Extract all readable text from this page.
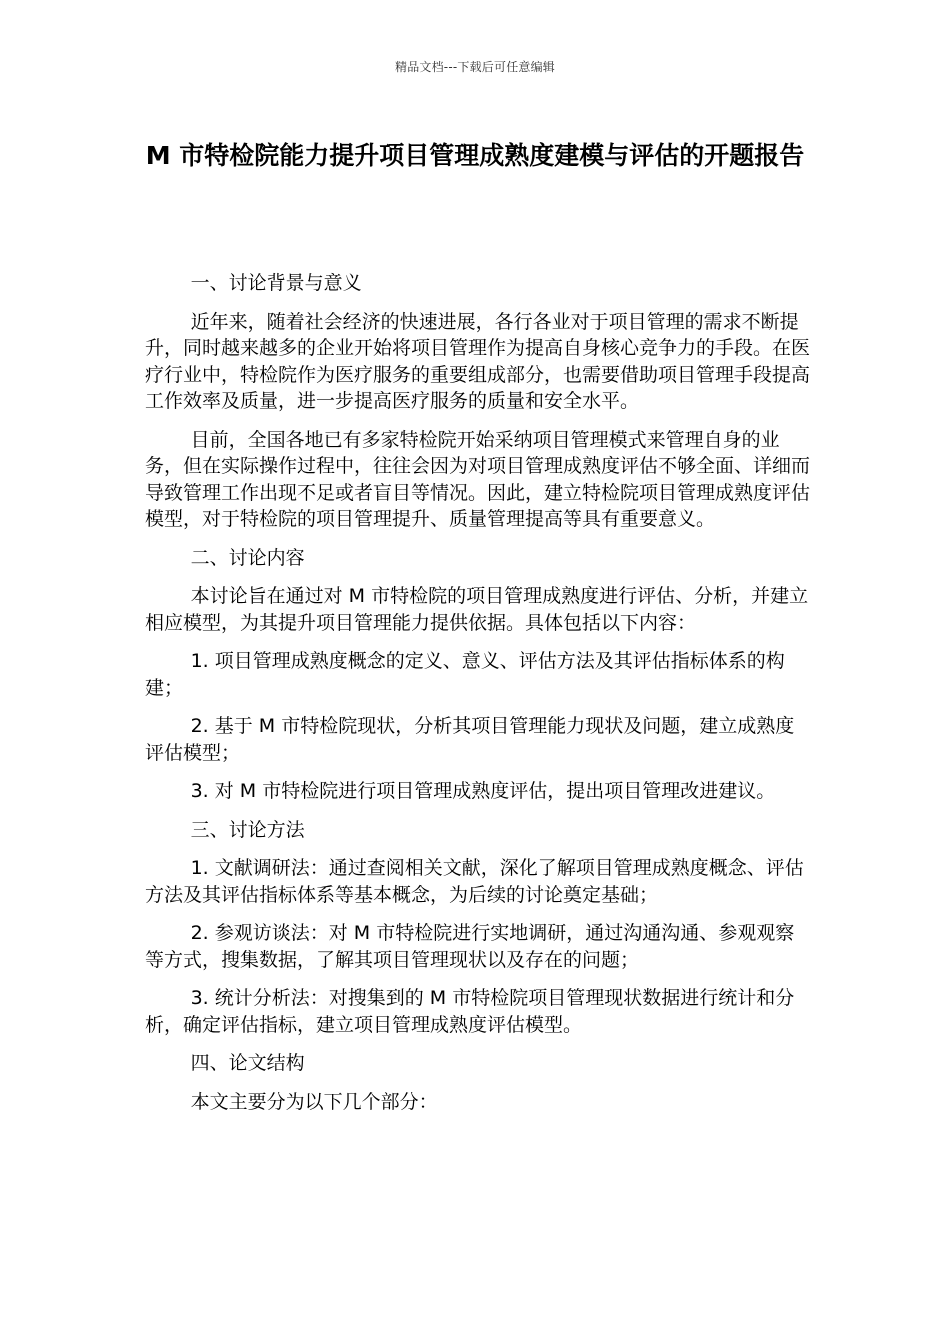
精品文档---下载后可任意编辑
M 市特检院能力提升项目管理成熟度建模与评估的开题报告

一、讨论背景与意义

近年来，随着社会经济的快速进展，各行各业对于项目管理的需求不断提升，同时越来越多的企业开始将项目管理作为提高自身核心竞争力的手段。在医疗行业中，特检院作为医疗服务的重要组成部分，也需要借助项目管理手段提高工作效率及质量，进一步提高医疗服务的质量和安全水平。

目前，全国各地已有多家特检院开始采纳项目管理模式来管理自身的业务，但在实际操作过程中，往往会因为对项目管理成熟度评估不够全面、详细而导致管理工作出现不足或者盲目等情况。因此，建立特检院项目管理成熟度评估模型，对于特检院的项目管理提升、质量管理提高等具有重要意义。

二、讨论内容

本讨论旨在通过对 M 市特检院的项目管理成熟度进行评估、分析，并建立相应模型，为其提升项目管理能力提供依据。具体包括以下内容：

1. 项目管理成熟度概念的定义、意义、评估方法及其评估指标体系的构建；

2. 基于 M 市特检院现状，分析其项目管理能力现状及问题，建立成熟度评估模型；

3. 对 M 市特检院进行项目管理成熟度评估，提出项目管理改进建议。

三、讨论方法

1. 文献调研法：通过查阅相关文献，深化了解项目管理成熟度概念、评估方法及其评估指标体系等基本概念，为后续的讨论奠定基础；

2. 参观访谈法：对 M 市特检院进行实地调研，通过沟通沟通、参观观察等方式，搜集数据，了解其项目管理现状以及存在的问题；

3. 统计分析法：对搜集到的 M 市特检院项目管理现状数据进行统计和分析，确定评估指标，建立项目管理成熟度评估模型。

四、论文结构

本文主要分为以下几个部分：
